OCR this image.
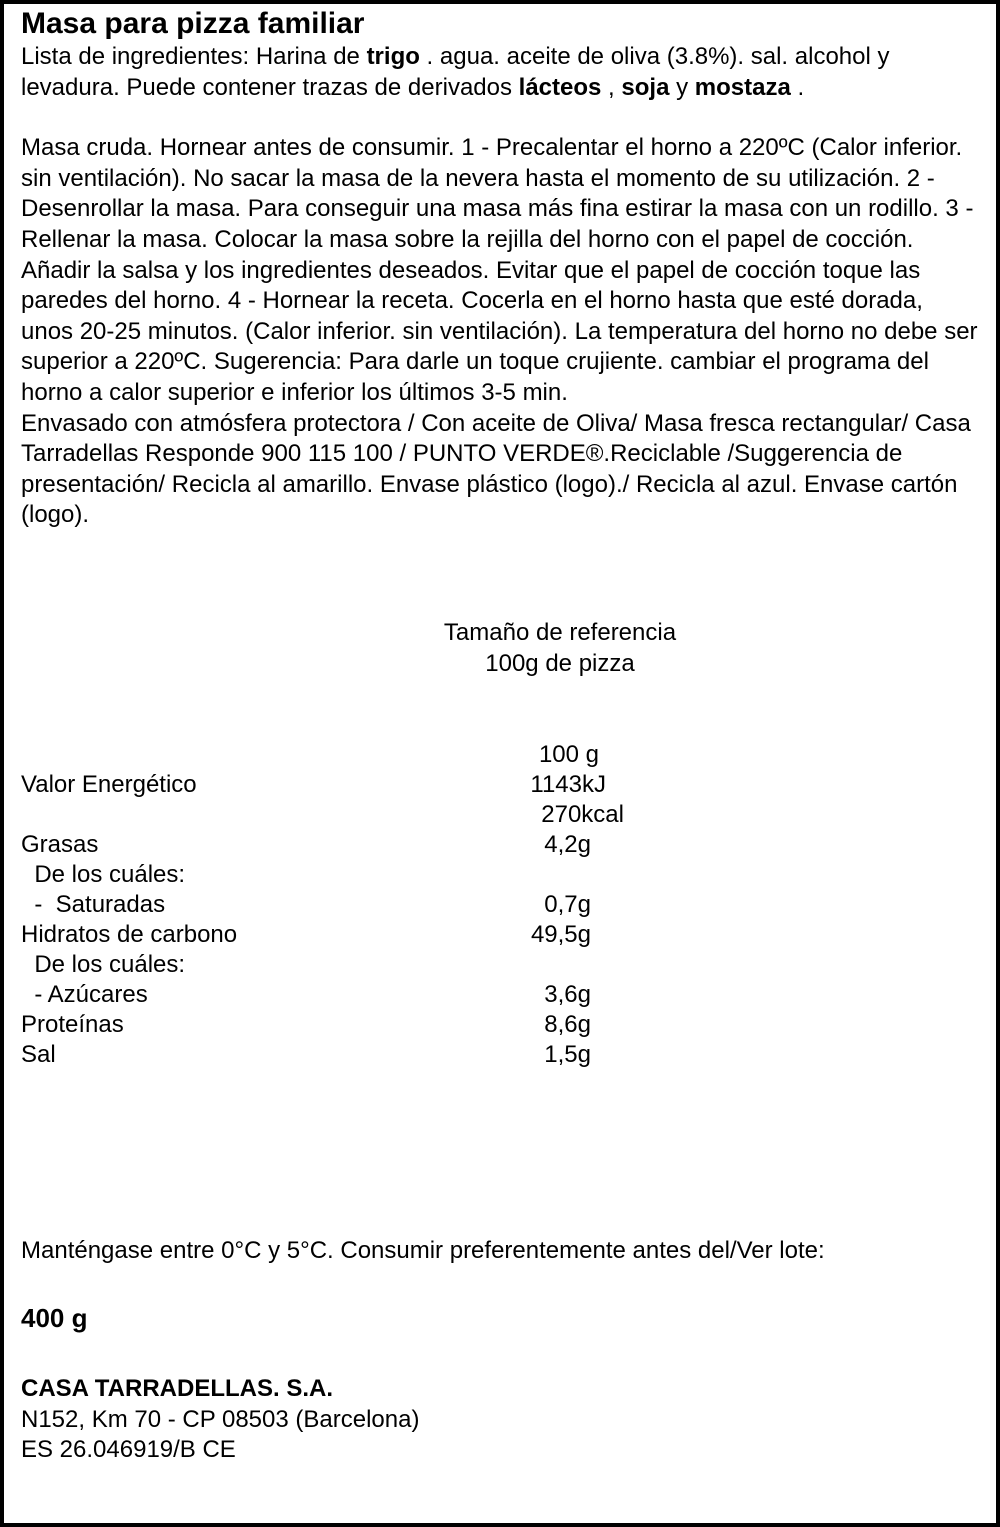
Masa para pizza familiar

Lista de ingredientes: Harina de trigo . agua. aceite de oliva (3.8%). sal. alcohol y levadura. Puede contener trazas de derivados lácteos , soja y mostaza .

Masa cruda. Hornear antes de consumir. 1 - Precalentar el horno a 220ºC (Calor inferior. sin ventilación). No sacar la masa de la nevera hasta el momento de su utilización. 2 - Desenrollar la masa. Para conseguir una masa más fina estirar la masa con un rodillo. 3 -Rellenar la masa. Colocar la masa sobre la rejilla del horno con el papel de cocción. Añadir la salsa y los ingredientes deseados. Evitar que el papel de cocción toque las paredes del horno. 4 - Hornear la receta. Cocerla en el horno hasta que esté dorada, unos 20-25 minutos. (Calor inferior. sin ventilación). La temperatura del horno no debe ser superior a 220ºC. Sugerencia: Para darle un toque crujiente. cambiar el programa del horno a calor superior e inferior los últimos 3-5 min.

Envasado con atmósfera protectora / Con aceite de Oliva/ Masa fresca rectangular/ Casa Tarradellas Responde 900 115 100 / PUNTO VERDE®.Reciclable /Suggerencia de presentación/ Recicla al amarillo. Envase plástico (logo)./ Recicla al azul. Envase cartón (logo).

Tamaño de referencia
100g de pizza
100 g
Valor Energético	1143kJ
270kcal
Grasas	4,2g
De los cuáles:
-  Saturadas	0,7g
Hidratos de carbono	49,5g
De los cuáles:
- Azúcares	3,6g
Proteínas	8,6g
Sal	1,5g
Manténgase entre 0°C y 5°C. Consumir preferentemente antes del/Ver lote:
400 g
CASA TARRADELLAS. S.A.
N152, Km 70 - CP 08503 (Barcelona)
ES 26.046919/B CE
